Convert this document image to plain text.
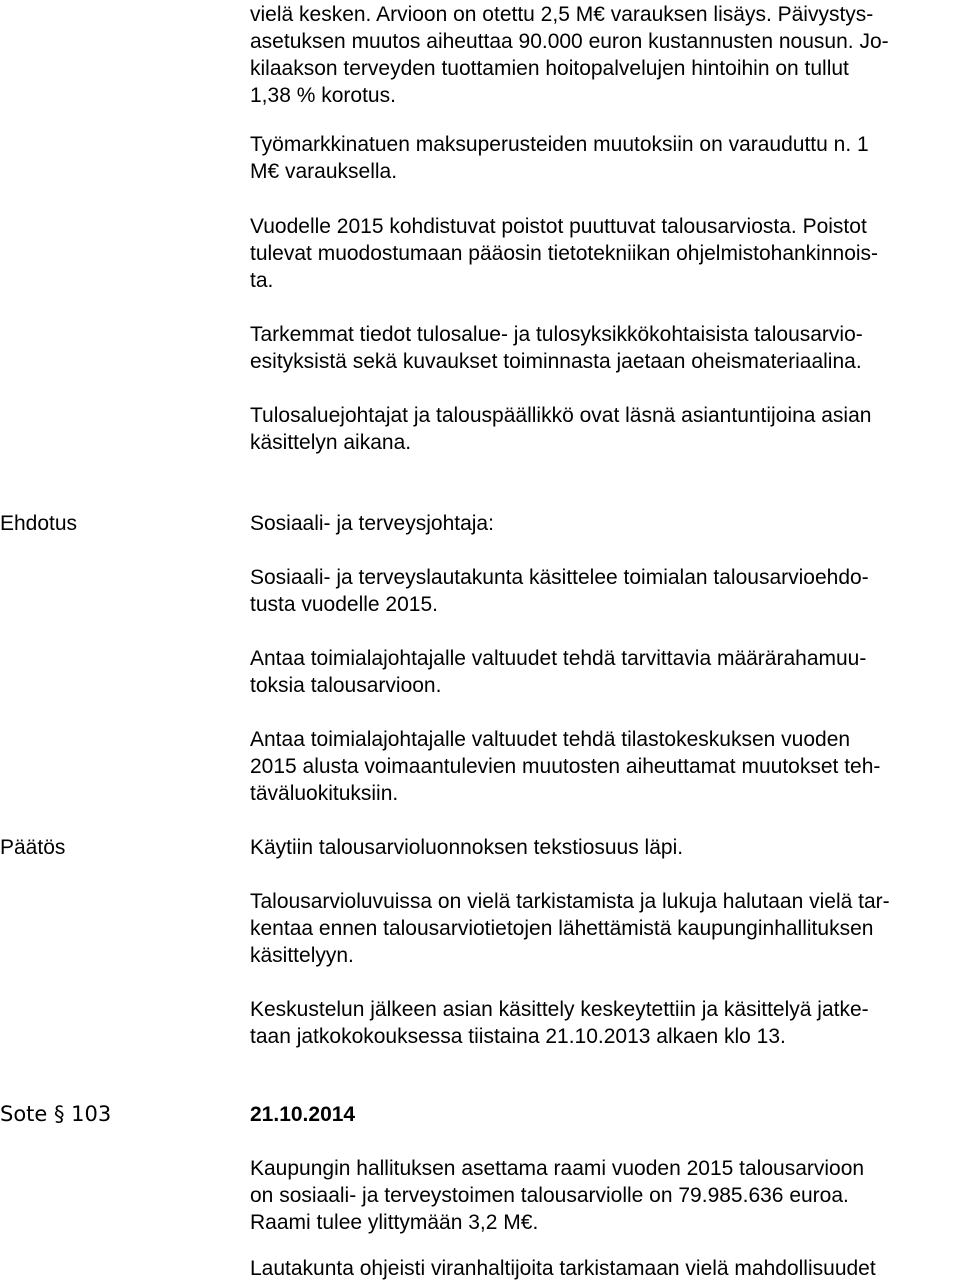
vielä kesken. Arvioon on otettu 2,5 M€ varauksen lisäys. Päivystys-
asetuksen muutos aiheuttaa 90.000 euron kustannusten nousun. Jo-
kilaakson terveyden tuottamien hoitopalvelujen hintoihin on tullut
1,38 % korotus.
Työmarkkinatuen maksuperusteiden muutoksiin on varauduttu n. 1
M€ varauksella.
Vuodelle 2015 kohdistuvat poistot puuttuvat talousarviosta. Poistot
tulevat muodostumaan pääosin tietotekniikan ohjelmistohankinnois-
ta.
Tarkemmat tiedot tulosalue- ja tulosyksikkökohtaisista talousarvio-
esityksistä sekä kuvaukset toiminnasta jaetaan oheismateriaalina.
Tulosaluejohtajat ja talouspäällikkö ovat läsnä asiantuntijoina asian
käsittelyn aikana.
Ehdotus	Sosiaali- ja terveysjohtaja:
Sosiaali- ja terveyslautakunta käsittelee toimialan talousarvioehdo-
tusta vuodelle 2015.
Antaa toimialajohtajalle valtuudet tehdä tarvittavia määrärahamuu-
toksia talousarvioon.
Antaa toimialajohtajalle valtuudet tehdä tilastokeskuksen vuoden
2015 alusta voimaantulevien muutosten aiheuttamat muutokset teh-
täväluokituksiin.
Päätös	Käytiin talousarvioluonnoksen tekstiosuus läpi.
Talousarvioluvuissa on vielä tarkistamista ja lukuja halutaan vielä tar-
kentaa ennen talousarviotietojen lähettämistä kaupunginhallituksen
käsittelyyn.
Keskustelun jälkeen asian käsittely keskeytettiin ja käsittelyä jatke-
taan jatkokokouksessa tiistaina 21.10.2013 alkaen klo 13.
Sote § 103	21.10.2014
Kaupungin hallituksen asettama raami vuoden 2015 talousarvioon
on sosiaali- ja terveystoimen talousarviolle on 79.985.636 euroa.
Raami tulee ylittymään 3,2 M€.
Lautakunta ohjeisti viranhaltijoita tarkistamaan vielä mahdollisuudet
